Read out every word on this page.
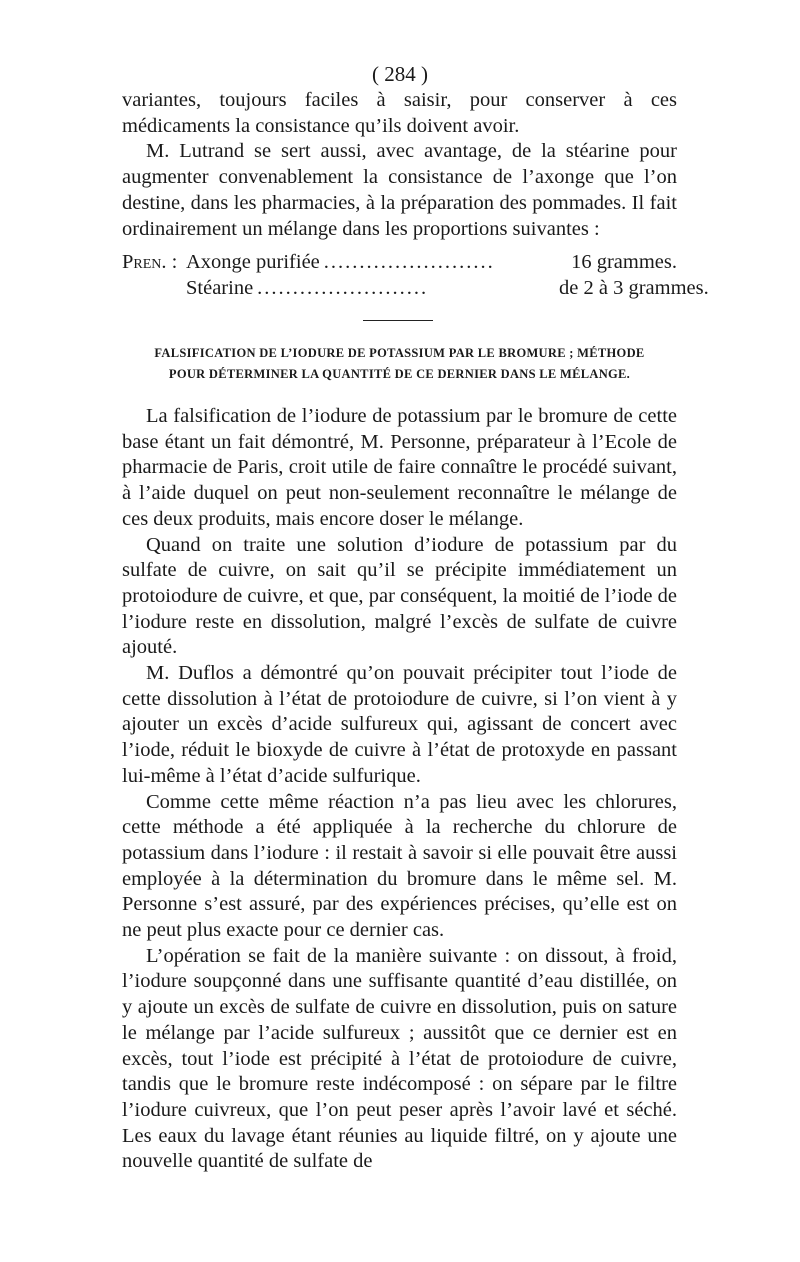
( 284 )

variantes, toujours faciles à saisir, pour conserver à ces médicaments la consistance qu’ils doivent avoir.

M. Lutrand se sert aussi, avec avantage, de la stéarine pour augmenter convenablement la consistance de l’axonge que l’on destine, dans les pharmacies, à la préparation des pommades. Il fait ordinairement un mélange dans les proportions suivantes :

Pren. : Axonge purifiée ........................	16 grammes.
Stéarine ........................	de 2 à 3 grammes.
FALSIFICATION DE L’IODURE DE POTASSIUM PAR LE BROMURE ; MÉTHODE
POUR DÉTERMINER LA QUANTITÉ DE CE DERNIER DANS LE MÉLANGE.

La falsification de l’iodure de potassium par le bromure de cette base étant un fait démontré, M. Personne, préparateur à l’Ecole de pharmacie de Paris, croit utile de faire connaître le procédé suivant, à l’aide duquel on peut non-seulement reconnaître le mélange de ces deux produits, mais encore doser le mélange.

Quand on traite une solution d’iodure de potassium par du sulfate de cuivre, on sait qu’il se précipite immédiatement un protoiodure de cuivre, et que, par conséquent, la moitié de l’iode de l’iodure reste en dissolution, malgré l’excès de sulfate de cuivre ajouté.

M. Duflos a démontré qu’on pouvait précipiter tout l’iode de cette dissolution à l’état de protoiodure de cuivre, si l’on vient à y ajouter un excès d’acide sulfureux qui, agissant de concert avec l’iode, réduit le bioxyde de cuivre à l’état de protoxyde en passant lui-même à l’état d’acide sulfurique.

Comme cette même réaction n’a pas lieu avec les chlorures, cette méthode a été appliquée à la recherche du chlorure de potassium dans l’iodure : il restait à savoir si elle pouvait être aussi employée à la détermination du bromure dans le même sel. M. Personne s’est assuré, par des expériences précises, qu’elle est on ne peut plus exacte pour ce dernier cas.

L’opération se fait de la manière suivante : on dissout, à froid, l’iodure soupçonné dans une suffisante quantité d’eau distillée, on y ajoute un excès de sulfate de cuivre en dissolution, puis on sature le mélange par l’acide sulfureux ; aussitôt que ce dernier est en excès, tout l’iode est précipité à l’état de protoiodure de cuivre, tandis que le bromure reste indécomposé : on sépare par le filtre l’iodure cuivreux, que l’on peut peser après l’avoir lavé et séché. Les eaux du lavage étant réunies au liquide filtré, on y ajoute une nouvelle quantité de sulfate de
